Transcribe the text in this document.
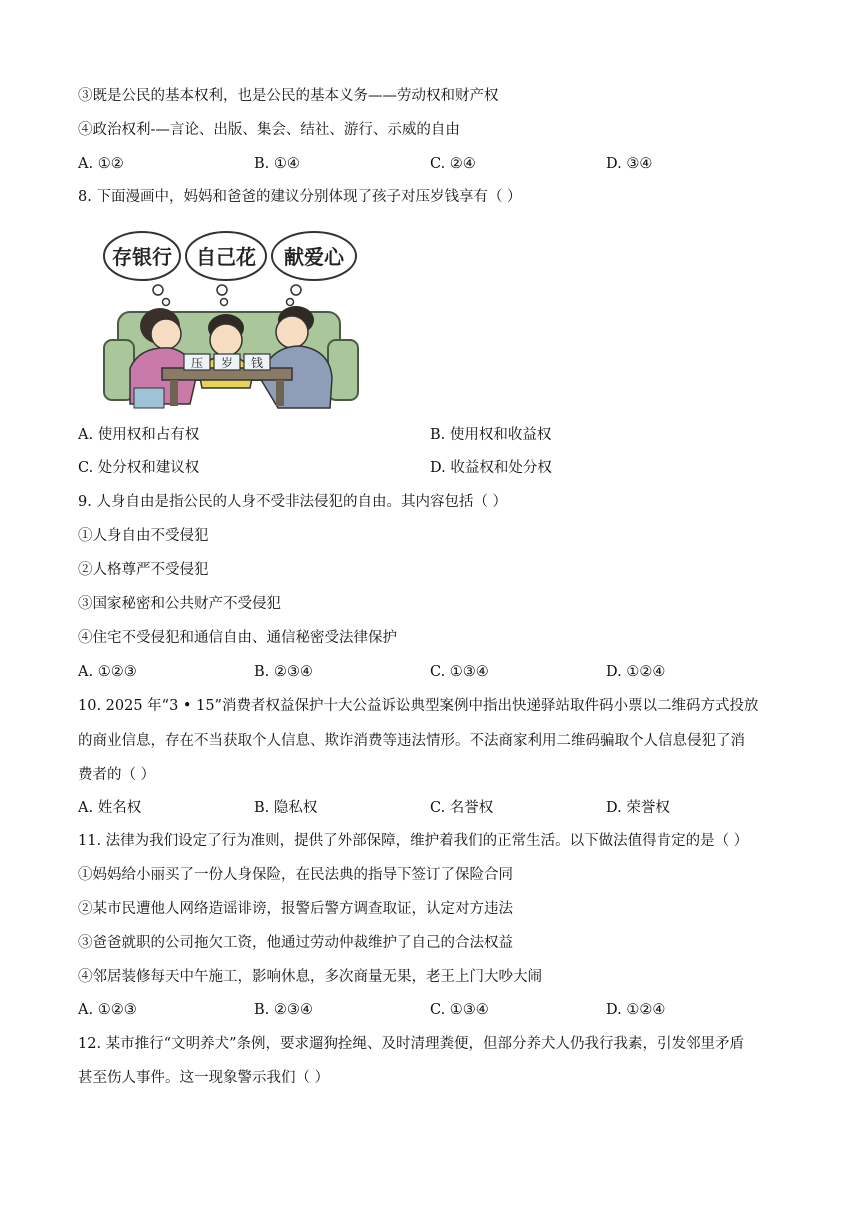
③既是公民的基本权利，也是公民的基本义务——劳动权和财产权
④政治权利-—言论、出版、集会、结社、游行、示威的自由
A. ①②	B. ①④	C. ②④	D. ③④
8. 下面漫画中，妈妈和爸爸的建议分别体现了孩子对压岁钱享有（ ）
存银行 自己花 献爱心
压 岁 钱
A. 使用权和占有权	B. 使用权和收益权
C. 处分权和建议权	D. 收益权和处分权
9. 人身自由是指公民的人身不受非法侵犯的自由。其内容包括（ ）
①人身自由不受侵犯
②人格尊严不受侵犯
③国家秘密和公共财产不受侵犯
④住宅不受侵犯和通信自由、通信秘密受法律保护
A. ①②③	B. ②③④	C. ①③④	D. ①②④
10. 2025 年“3 • 15”消费者权益保护十大公益诉讼典型案例中指出快递驿站取件码小票以二维码方式投放
的商业信息，存在不当获取个人信息、欺诈消费等违法情形。不法商家利用二维码骗取个人信息侵犯了消
费者的（ ）
A. 姓名权	B. 隐私权	C. 名誉权	D. 荣誉权
11. 法律为我们设定了行为准则，提供了外部保障，维护着我们的正常生活。以下做法值得肯定的是（ ）
①妈妈给小丽买了一份人身保险，在民法典的指导下签订了保险合同
②某市民遭他人网络造谣诽谤，报警后警方调查取证，认定对方违法
③爸爸就职的公司拖欠工资，他通过劳动仲裁维护了自己的合法权益
④邻居装修每天中午施工，影响休息，多次商量无果，老王上门大吵大闹
A. ①②③	B. ②③④	C. ①③④	D. ①②④
12. 某市推行“文明养犬”条例，要求遛狗拴绳、及时清理粪便，但部分养犬人仍我行我素，引发邻里矛盾
甚至伤人事件。这一现象警示我们（ ）
